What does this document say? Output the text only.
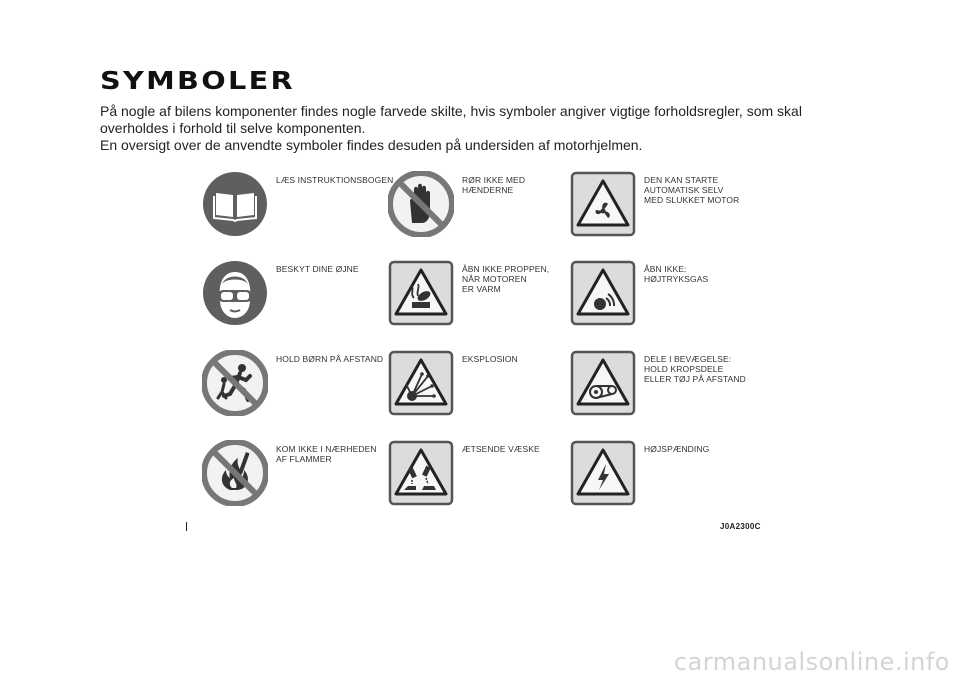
SYMBOLER

På nogle af bilens komponenter findes nogle farvede skilte, hvis symboler angiver vigtige forholdsregler, som skal overholdes i forhold til selve komponenten.

En oversigt over de anvendte symboler findes desuden på undersiden af motorhjelmen.

LÆS INSTRUKTIONSBOGEN
BESKYT DINE ØJNE
HOLD BØRN PÅ AFSTAND
KOM IKKE I NÆRHEDEN
AF FLAMMER
RØR IKKE MED
HÆNDERNE
ÅBN IKKE PROPPEN,
NÅR MOTOREN
ER VARM
EKSPLOSION
ÆTSENDE VÆSKE
DEN KAN STARTE
AUTOMATISK SELV
MED SLUKKET MOTOR
ÅBN IKKE:
HØJTRYKSGAS
DELE I BEVÆGELSE:
HOLD KROPSDELE
ELLER TØJ PÅ AFSTAND
HØJSPÆNDING
J0A2300C
carmanualsonline.info
